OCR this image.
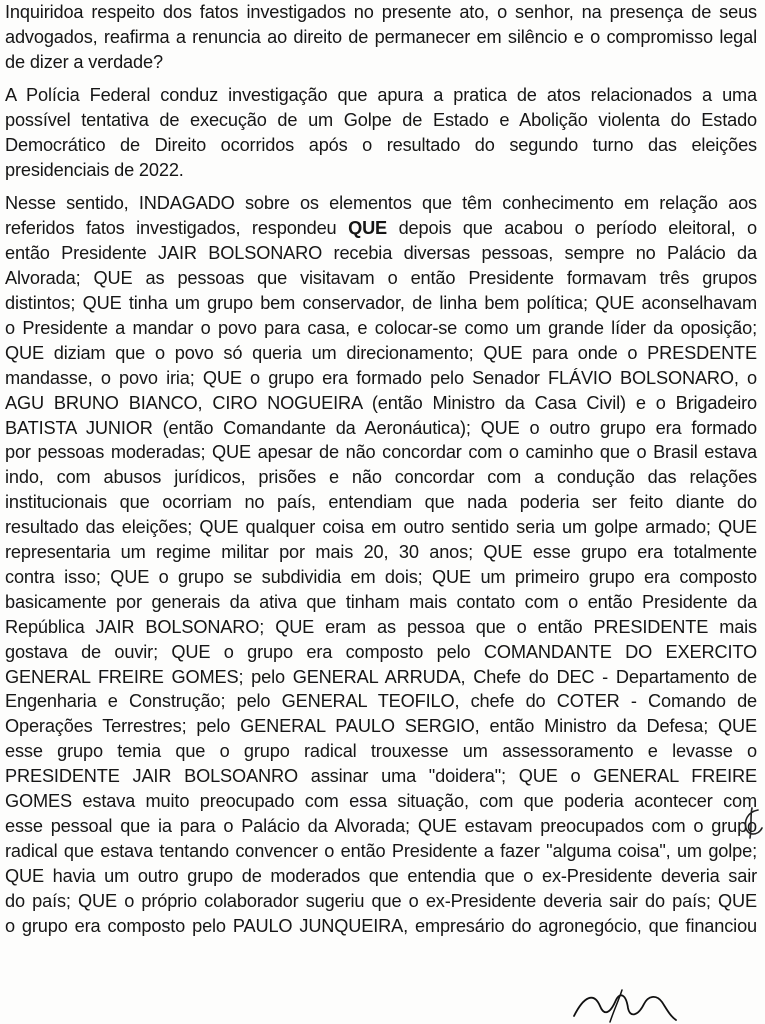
Inquiridoa respeito dos fatos investigados no presente ato, o senhor, na presença de seus
advogados, reafirma a renuncia ao direito de permanecer em silêncio e o compromisso legal
de dizer a verdade?

A Polícia Federal conduz investigação que apura a pratica de atos relacionados a uma
possível tentativa de execução de um Golpe de Estado e Abolição violenta do Estado
Democrático de Direito ocorridos após o resultado do segundo turno das eleições
presidenciais de 2022.

Nesse sentido, INDAGADO sobre os elementos que têm conhecimento em relação aos
referidos fatos investigados, respondeu QUE depois que acabou o período eleitoral, o
então Presidente JAIR BOLSONARO recebia diversas pessoas, sempre no Palácio da
Alvorada; QUE as pessoas que visitavam o então Presidente formavam três grupos
distintos; QUE tinha um grupo bem conservador, de linha bem política; QUE aconselhavam
o Presidente a mandar o povo para casa, e colocar-se como um grande líder da oposição;
QUE diziam que o povo só queria um direcionamento; QUE para onde o PRESDENTE
mandasse, o povo iria; QUE o grupo era formado pelo Senador FLÁVIO BOLSONARO, o
AGU BRUNO BIANCO, CIRO NOGUEIRA (então Ministro da Casa Civil) e o Brigadeiro
BATISTA JUNIOR (então Comandante da Aeronáutica); QUE o outro grupo era formado
por pessoas moderadas; QUE apesar de não concordar com o caminho que o Brasil estava
indo, com abusos jurídicos, prisões e não concordar com a condução das relações
institucionais que ocorriam no país, entendiam que nada poderia ser feito diante do
resultado das eleições; QUE qualquer coisa em outro sentido seria um golpe armado; QUE
representaria um regime militar por mais 20, 30 anos; QUE esse grupo era totalmente
contra isso; QUE o grupo se subdividia em dois; QUE um primeiro grupo era composto
basicamente por generais da ativa que tinham mais contato com o então Presidente da
República JAIR BOLSONARO; QUE eram as pessoa que o então PRESIDENTE mais
gostava de ouvir; QUE o grupo era composto pelo COMANDANTE DO EXERCITO
GENERAL FREIRE GOMES; pelo GENERAL ARRUDA, Chefe do DEC - Departamento de
Engenharia e Construção; pelo GENERAL TEOFILO, chefe do COTER - Comando de
Operações Terrestres; pelo GENERAL PAULO SERGIO, então Ministro da Defesa; QUE
esse grupo temia que o grupo radical trouxesse um assessoramento e levasse o
PRESIDENTE JAIR BOLSOANRO assinar uma "doidera"; QUE o GENERAL FREIRE
GOMES estava muito preocupado com essa situação, com que poderia acontecer com
esse pessoal que ia para o Palácio da Alvorada; QUE estavam preocupados com o grupo
radical que estava tentando convencer o então Presidente a fazer "alguma coisa", um golpe;
QUE havia um outro grupo de moderados que entendia que o ex-Presidente deveria sair
do país; QUE o próprio colaborador sugeriu que o ex-Presidente deveria sair do país; QUE
o grupo era composto pelo PAULO JUNQUEIRA, empresário do agronegócio, que financiou
